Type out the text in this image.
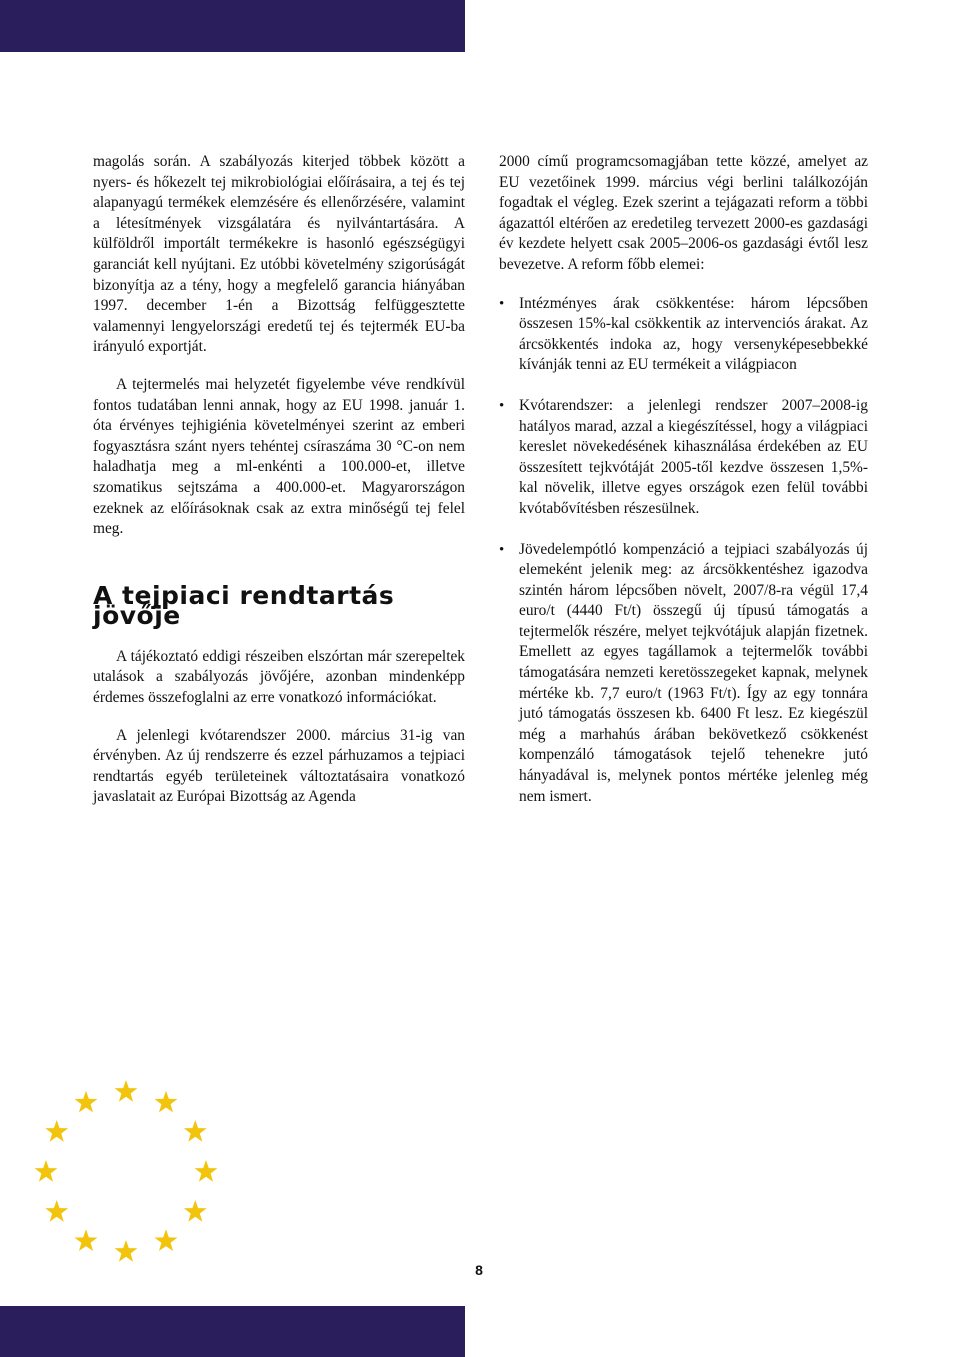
magolás során. A szabályozás kiterjed többek között a nyers- és hőkezelt tej mikrobiológiai előírásaira, a tej és tej alapanyagú termékek elemzésére és ellenőrzésére, valamint a létesítmények vizsgálatára és nyilvántartására. A külföldről importált termékekre is hasonló egészségügyi garanciát kell nyújtani. Ez utóbbi követelmény szigorúságát bizonyítja az a tény, hogy a megfelelő garancia hiányában 1997. december 1-én a Bizottság felfüggesztette valamennyi lengyelországi eredetű tej és tejtermék EU-ba irányuló exportját.

A tejtermelés mai helyzetét figyelembe véve rendkívül fontos tudatában lenni annak, hogy az EU 1998. január 1. óta érvényes tejhigiénia követelményei szerint az emberi fogyasztásra szánt nyers tehéntej csíraszáma 30 °C-on nem haladhatja meg a ml-enkénti a 100.000-et, illetve szomatikus sejtszáma a 400.000-et. Magyarországon ezeknek az előírásoknak csak az extra minőségű tej felel meg.

A tejpiaci rendtartás jövője

A tájékoztató eddigi részeiben elszórtan már szerepeltek utalások a szabályozás jövőjére, azonban mindenképp érdemes összefoglalni az erre vonatkozó információkat.

A jelenlegi kvótarendszer 2000. március 31-ig van érvényben. Az új rendszerre és ezzel párhuzamos a tejpiaci rendtartás egyéb területeinek változtatásaira vonatkozó javaslatait az Európai Bizottság az Agenda

2000 című programcsomagjában tette közzé, amelyet az EU vezetőinek 1999. március végi berlini találkozóján fogadtak el végleg. Ezek szerint a tejágazati reform a többi ágazattól eltérően az eredetileg tervezett 2000-es gazdasági év kezdete helyett csak 2005–2006-os gazdasági évtől lesz bevezetve. A reform főbb elemei:

• Intézményes árak csökkentése: három lépcsőben összesen 15%-kal csökkentik az intervenciós árakat. Az árcsökkentés indoka az, hogy versenyképesebbekké kívánják tenni az EU termékeit a világpiacon
• Kvótarendszer: a jelenlegi rendszer 2007–2008-ig hatályos marad, azzal a kiegészítéssel, hogy a világpiaci kereslet növekedésének kihasználása érdekében az EU összesített tejkvótáját 2005-től kezdve összesen 1,5%-kal növelik, illetve egyes országok ezen felül további kvótabővítésben részesülnek.
• Jövedelempótló kompenzáció a tejpiaci szabályozás új elemeként jelenik meg: az árcsökkentéshez igazodva szintén három lépcsőben növelt, 2007/8-ra végül 17,4 euro/t (4440 Ft/t) összegű új típusú támogatás a tejtermelők részére, melyet tejkvótájuk alapján fizetnek. Emellett az egyes tagállamok a tejtermelők további támogatására nemzeti keretösszegeket kapnak, melynek mértéke kb. 7,7 euro/t (1963 Ft/t). Így az egy tonnára jutó támogatás összesen kb. 6400 Ft lesz. Ez kiegészül még a marhahús árában bekövetkező csökkenést kompenzáló támogatások tejelő tehenekre jutó hányadával is, melynek pontos mértéke jelenleg még nem ismert.
8
